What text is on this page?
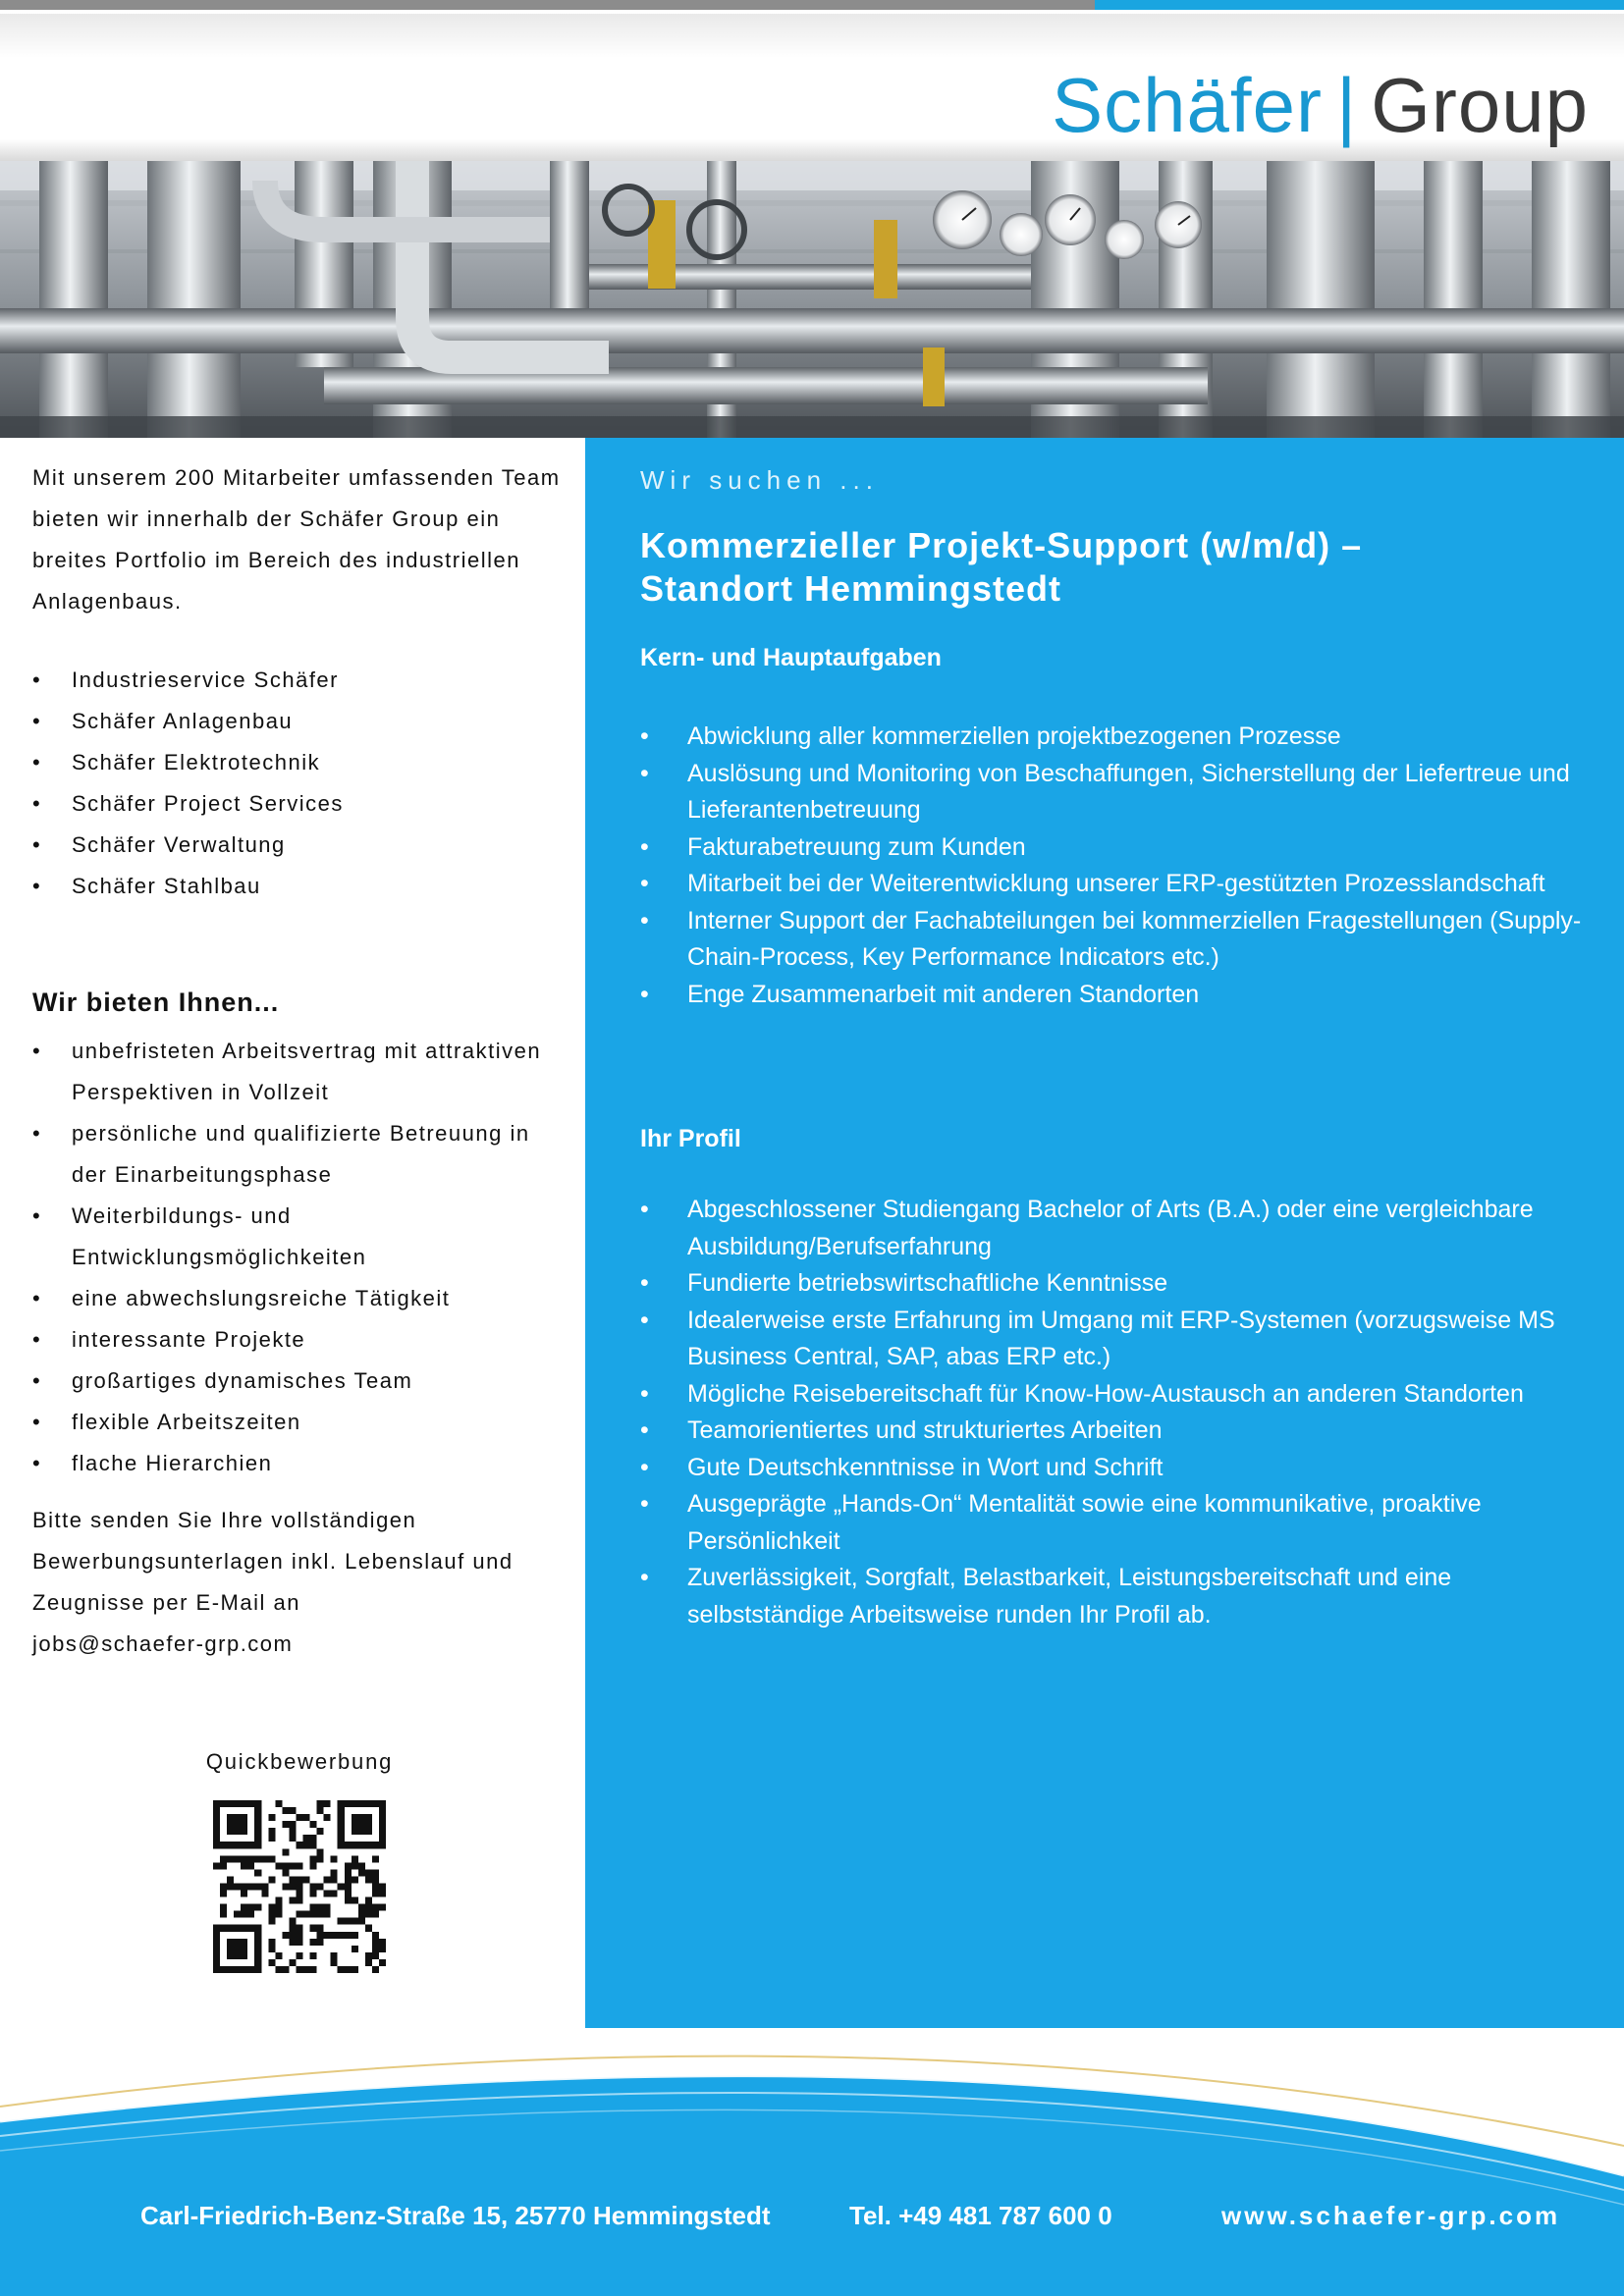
Schäfer | Group
Mit unserem 200 Mitarbeiter umfassenden Team bieten wir innerhalb der Schäfer Group ein breites Portfolio im Bereich des industriellen Anlagenbaus.
• Industrieservice Schäfer
• Schäfer Anlagenbau
• Schäfer Elektrotechnik
• Schäfer Project Services
• Schäfer Verwaltung
• Schäfer Stahlbau
Wir bieten Ihnen...
• unbefristeten Arbeitsvertrag mit attraktiven Perspektiven in Vollzeit
• persönliche und qualifizierte Betreuung in der Einarbeitungsphase
• Weiterbildungs- und Entwicklungsmöglichkeiten
• eine abwechslungsreiche Tätigkeit
• interessante Projekte
• großartiges dynamisches Team
• flexible Arbeitszeiten
• flache Hierarchien
Bitte senden Sie Ihre vollständigen Bewerbungsunterlagen inkl. Lebenslauf und Zeugnisse per E-Mail an
jobs@schaefer-grp.com
Quickbewerbung
Wir suchen ...
Kommerzieller Projekt-Support (w/m/d) –
Standort Hemmingstedt
Kern- und Hauptaufgaben
• Abwicklung aller kommerziellen projektbezogenen Prozesse
• Auslösung und Monitoring von Beschaffungen, Sicherstellung der Liefertreue und Lieferantenbetreuung
• Fakturabetreuung zum Kunden
• Mitarbeit bei der Weiterentwicklung unserer ERP-gestützten Prozesslandschaft
• Interner Support der Fachabteilungen bei kommerziellen Fragestellungen (Supply-Chain-Process, Key Performance Indicators etc.)
• Enge Zusammenarbeit mit anderen Standorten
Ihr Profil
• Abgeschlossener Studiengang Bachelor of Arts (B.A.) oder eine vergleichbare Ausbildung/Berufserfahrung
• Fundierte betriebswirtschaftliche Kenntnisse
• Idealerweise erste Erfahrung im Umgang mit ERP-Systemen (vorzugsweise MS Business Central, SAP, abas ERP etc.)
• Mögliche Reisebereitschaft für Know-How-Austausch an anderen Standorten
• Teamorientiertes und strukturiertes Arbeiten
• Gute Deutschkenntnisse in Wort und Schrift
• Ausgeprägte „Hands-On“ Mentalität sowie eine kommunikative, proaktive Persönlichkeit
• Zuverlässigkeit, Sorgfalt, Belastbarkeit, Leistungsbereitschaft und eine selbstständige Arbeitsweise runden Ihr Profil ab.
Carl-Friedrich-Benz-Straße 15, 25770 Hemmingstedt	Tel. +49 481 787 600 0	www.schaefer-grp.com
